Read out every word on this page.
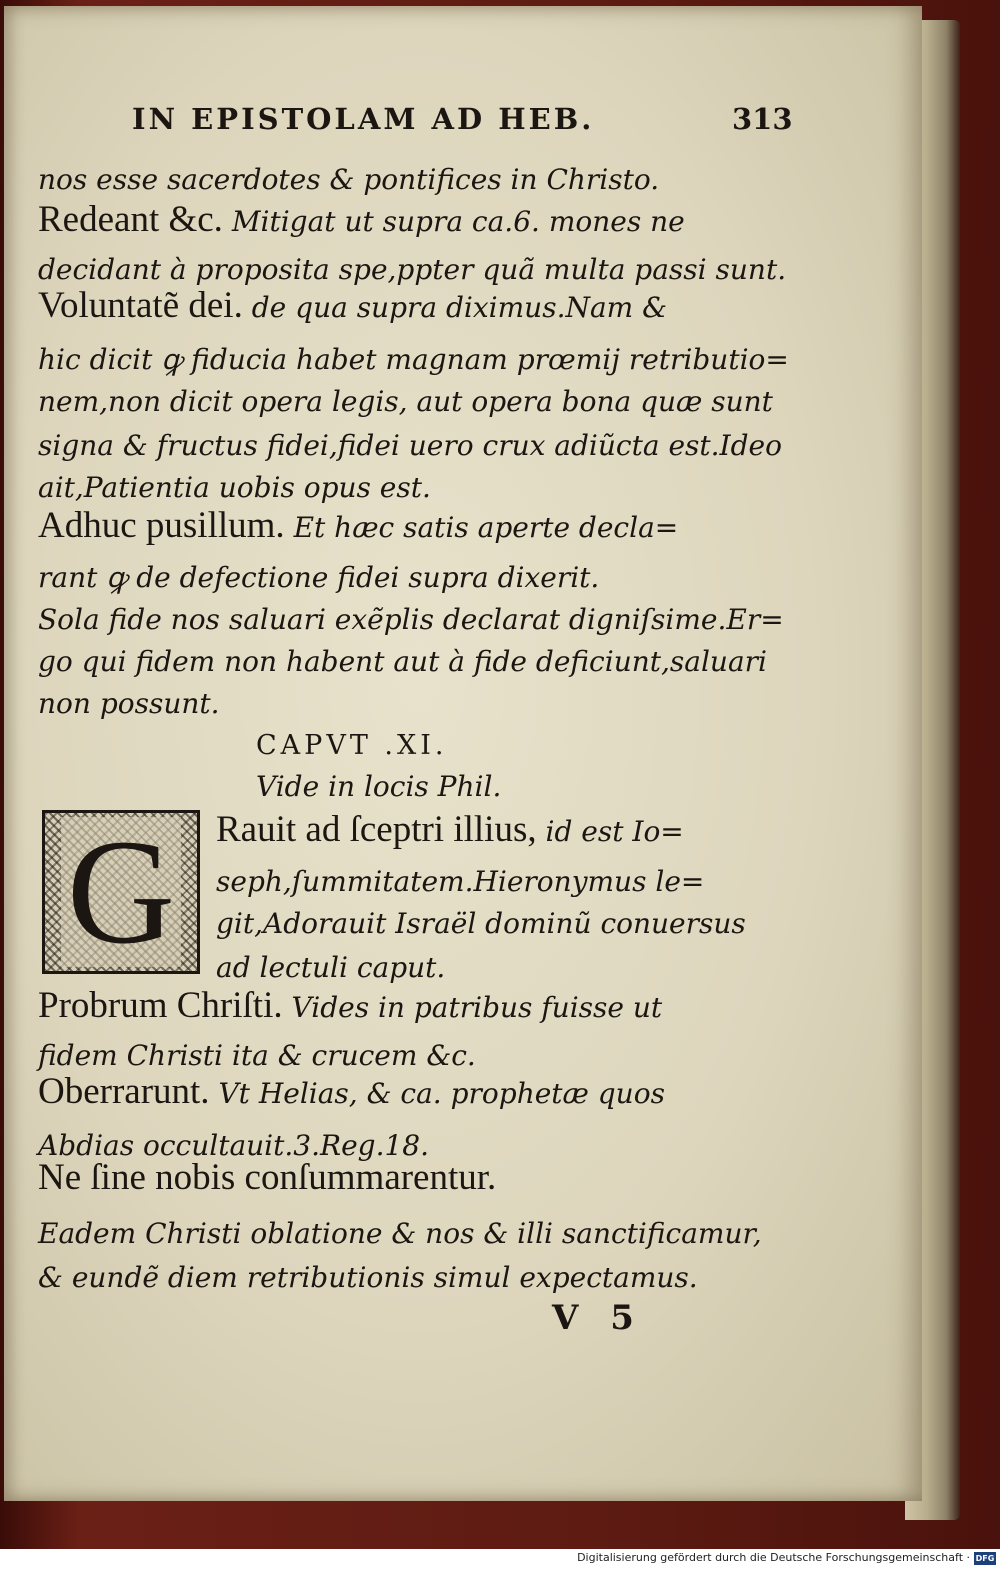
IN EPISTOLAM AD HEB.	313
nos esse sacerdotes & pontifices in Christo.
Redeant &c. Mitigat ut supra ca.6. mones ne
decidant à proposita spe,ppter quã multa passi sunt.
Voluntatẽ dei. de qua supra diximus.Nam &
hic dicit ꝙ fiducia habet magnam prœmij retributio=
nem,non dicit opera legis, aut opera bona quæ sunt
signa & fructus fidei,fidei uero crux adiũcta est.Ideo
ait,Patientia uobis opus est.
Adhuc pusillum. Et hæc satis aperte decla=
rant ꝙ de defectione fidei supra dixerit.
Sola fide nos saluari exẽplis declarat digniſsime.Er=
go qui fidem non habent aut à fide deficiunt,saluari
non possunt.
CAPVT .XI.
Vide in locis Phil.
G Rauit ad ſceptri illius, id est Io=
seph,ſummitatem.Hieronymus le=
git,Adorauit Israël dominũ conuersus
ad lectuli caput.
Probrum Chriſti. Vides in patribus fuisse ut
fidem Christi ita & crucem &c.
Oberrarunt. Vt Helias, & ca. prophetæ quos
Abdias occultauit.3.Reg.18.
Ne ſine nobis conſummarentur.
Eadem Christi oblatione & nos & illi sanctificamur,
& eundẽ diem retributionis simul expectamus.
V 5
Digitalisierung gefördert durch die Deutsche Forschungsgemeinschaft · DFG
